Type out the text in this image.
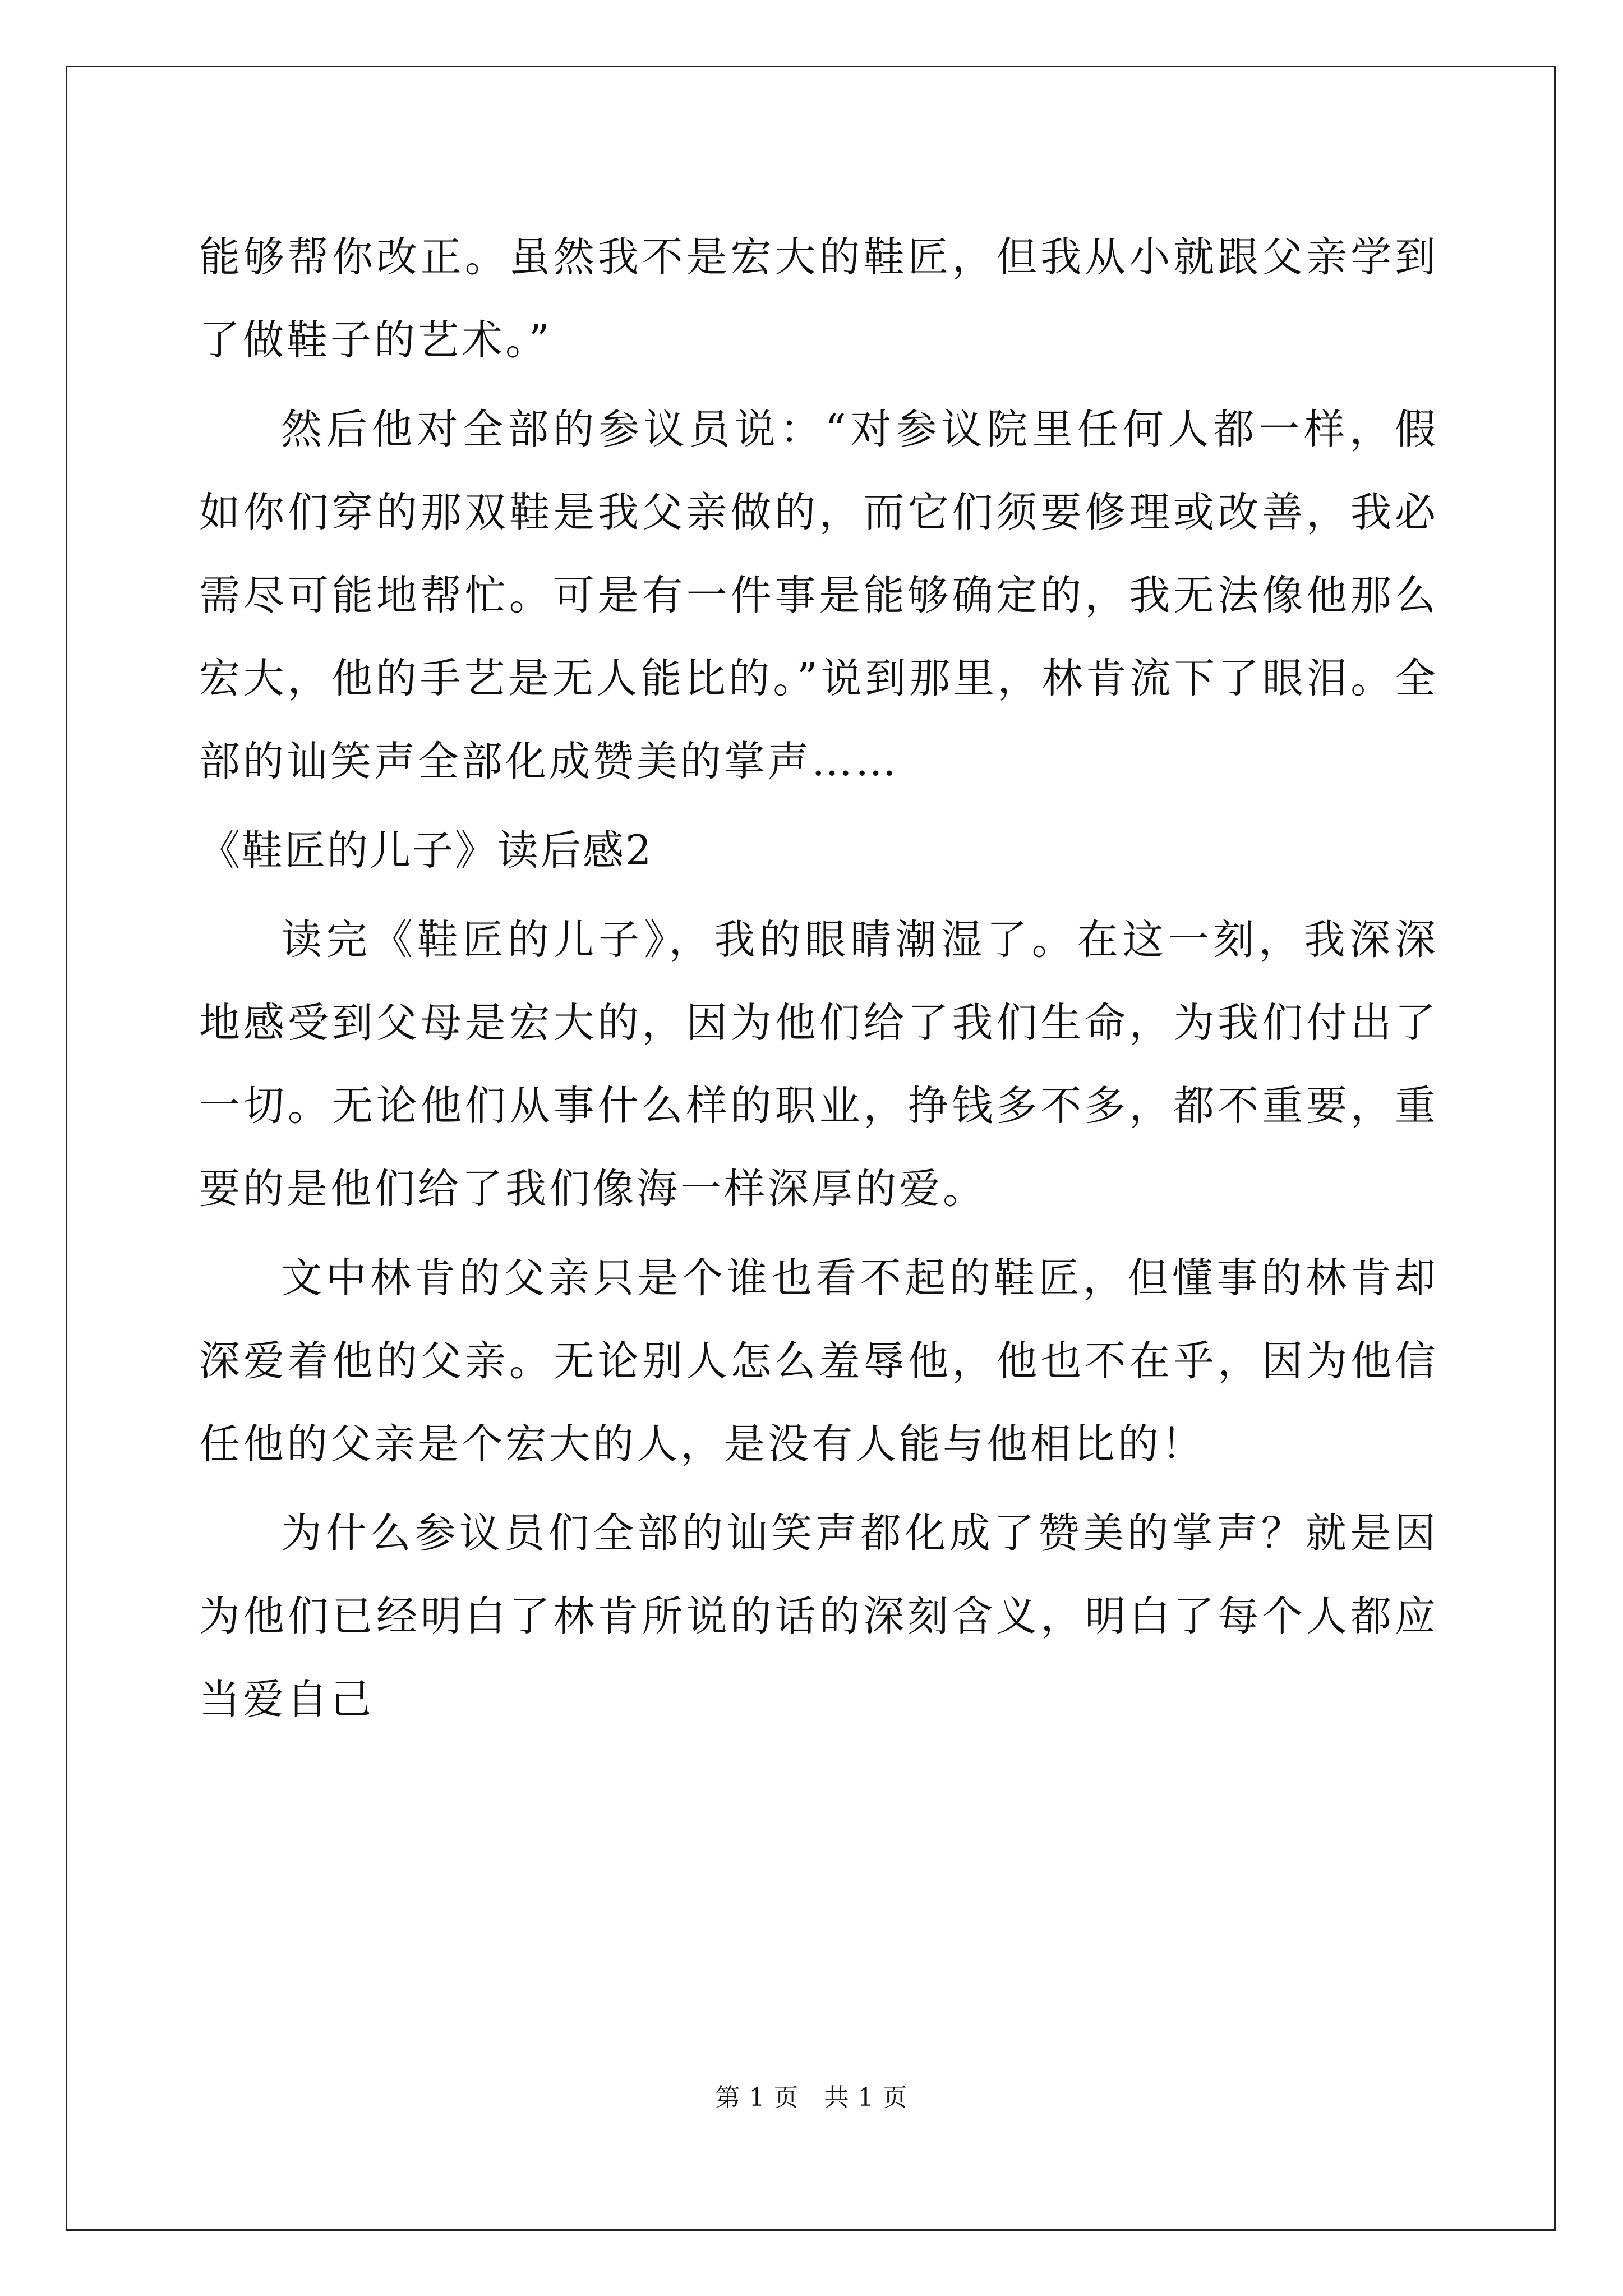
能够帮你改正。虽然我不是宏大的鞋匠，但我从小就跟父亲学到了做鞋子的艺术。”

然后他对全部的参议员说：“对参议院里任何人都一样，假如你们穿的那双鞋是我父亲做的，而它们须要修理或改善，我必需尽可能地帮忙。可是有一件事是能够确定的，我无法像他那么宏大，他的手艺是无人能比的。”说到那里，林肯流下了眼泪。全部的讪笑声全部化成赞美的掌声……

《鞋匠的儿子》读后感2

读完《鞋匠的儿子》，我的眼睛潮湿了。在这一刻，我深深地感受到父母是宏大的，因为他们给了我们生命，为我们付出了一切。无论他们从事什么样的职业，挣钱多不多，都不重要，重要的是他们给了我们像海一样深厚的爱。

文中林肯的父亲只是个谁也看不起的鞋匠，但懂事的林肯却深爱着他的父亲。无论别人怎么羞辱他，他也不在乎，因为他信任他的父亲是个宏大的人，是没有人能与他相比的！

为什么参议员们全部的讪笑声都化成了赞美的掌声？就是因为他们已经明白了林肯所说的话的深刻含义，明白了每个人都应当爱自己

第 1 页　共 1 页
